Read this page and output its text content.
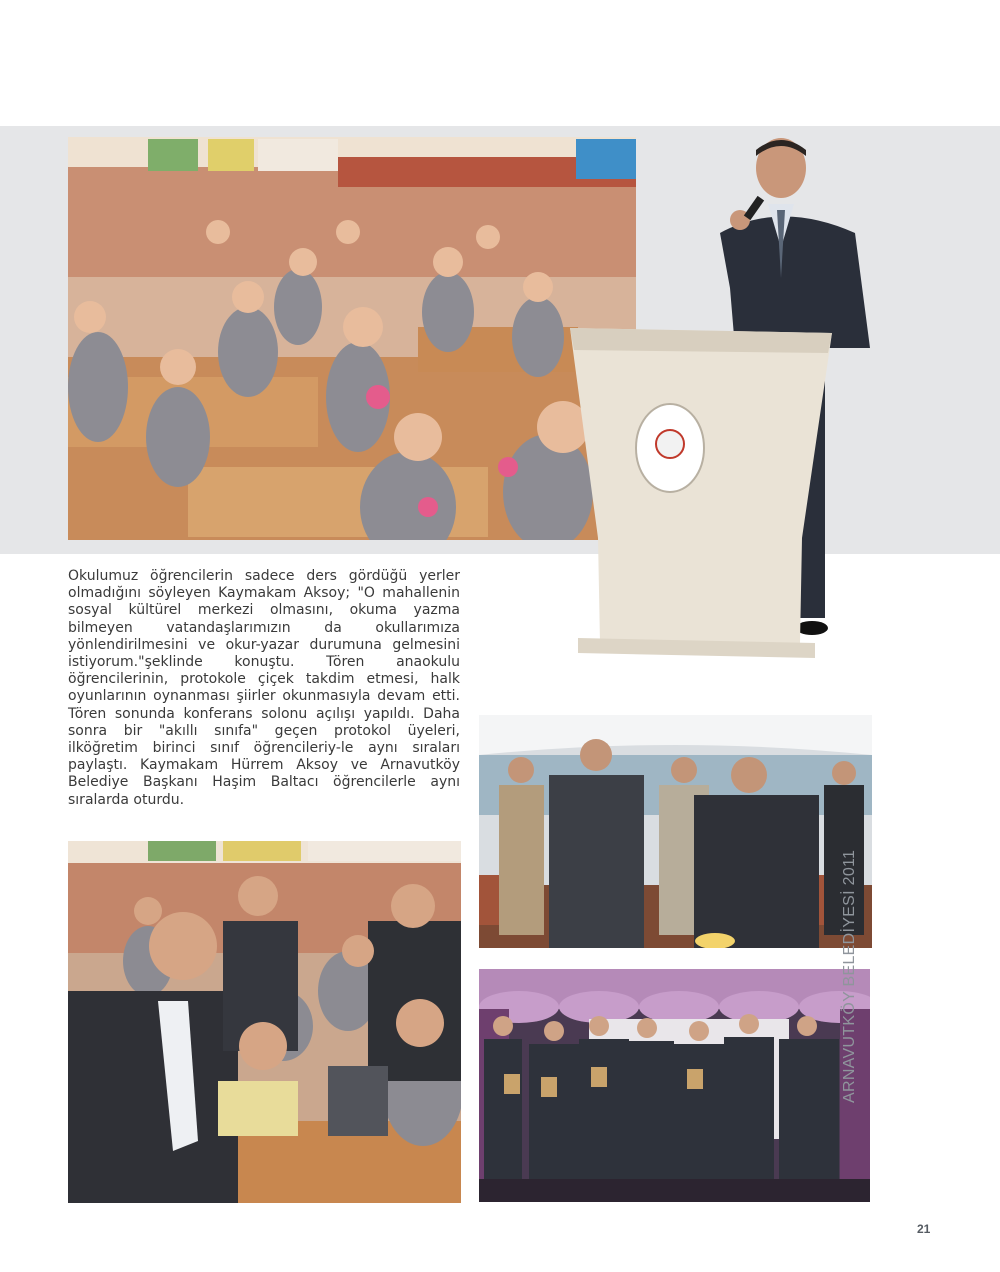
Okulumuz öğrencilerin sadece ders gördüğü yerler olmadığını söyleyen Kaymakam Aksoy; "O mahallenin sosyal kültürel merkezi olmasını, okuma yazma bilmeyen vatandaşlarımızın da okullarımıza yönlendirilmesini ve okur-yazar durumuna gelmesini istiyorum."şeklinde konuştu. Tören anaokulu öğrencilerinin, protokole çiçek takdim etmesi, halk oyunlarının oynanması şiirler okunmasıyla devam etti. Tören sonunda konferans solonu açılışı yapıldı. Daha sonra bir "akıllı sınıfa" geçen protokol üyeleri, ilköğretim birinci sınıf öğrencileriy-le aynı sıraları paylaştı. Kaymakam Hürrem Aksoy ve Arnavutköy Belediye Başkanı Haşim Baltacı öğrencilerle aynı sıralarda oturdu.

ARNAVUTKÖY BELEDİYESİ 2011
21
